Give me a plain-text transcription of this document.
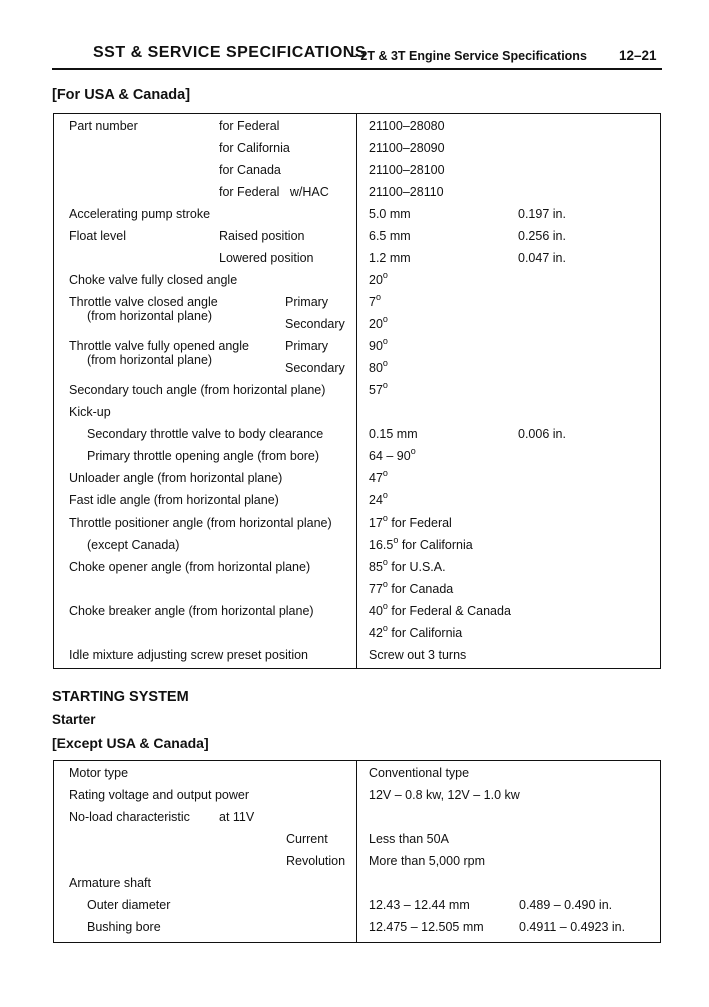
SST & SERVICE SPECIFICATIONS
– 2T & 3T Engine Service Specifications 12–21
[For USA & Canada]
Part number	for Federal	21100–28080
for California	21100–28090
for Canada	21100–28100
for Federal   w/HAC	21100–28110
Accelerating pump stroke	5.0 mm	0.197 in.
Float level	Raised position	6.5 mm	0.256 in.
Lowered position	1.2 mm	0.047 in.
Choke valve fully closed angle	20$^o$
Throttle valve closed angle
(from horizontal plane)
Primary	7$^o$
Secondary 20$^o$
Throttle valve fully opened angle
(from horizontal plane)
Primary	90$^o$
Secondary 80$^o$
Secondary touch angle (from horizontal plane)	57$^o$
Kick-up
Secondary throttle valve to body clearance	0.15 mm	0.006 in.
Primary throttle opening angle (from bore)	64 – 90$^o$
Unloader angle (from horizontal plane)	47$^o$
Fast idle angle (from horizontal plane)	24$^o$
Throttle positioner angle (from horizontal plane)	17$^o$ for Federal
(except Canada)	16.5$^o$ for California
Choke opener angle (from horizontal plane)	85$^o$ for U.S.A.
77$^o$ for Canada
Choke breaker angle (from horizontal plane)	40$^o$ for Federal & Canada
42$^o$ for California
Idle mixture adjusting screw preset position	Screw out 3 turns
STARTING SYSTEM
Starter
[Except USA & Canada]
Motor type	Conventional type
Rating voltage and output power	12V – 0.8 kw, 12V – 1.0 kw
No-load characteristic at 11V
Current	Less than 50A
Revolution More than 5,000 rpm
Armature shaft
Outer diameter	12.43 – 12.44 mm	0.489 – 0.490 in.
Bushing bore	12.475 – 12.505 mm	0.4911 – 0.4923 in.
